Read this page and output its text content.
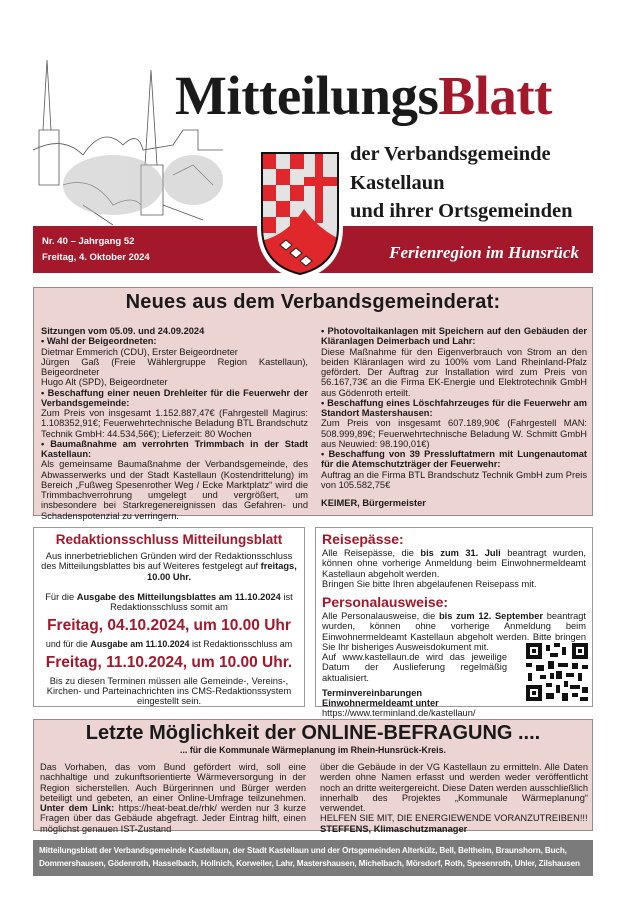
MitteilungsBlatt
der Verbandsgemeinde
Kastellaun
und ihrer Ortsgemeinden
Nr. 40 – Jahrgang 52
Freitag, 4. Oktober 2024	Ferienregion im Hunsrück
Neues aus dem Verbandsgemeinderat:
Sitzungen vom 05.09. und 24.09.2024
• Wahl der Beigeordneten:
Dietmar Emmerich (CDU), Erster Beigeordneter
Jürgen Gaß (Freie Wählergruppe Region Kastellaun), Beigeordneter
Hugo Alt (SPD), Beigeordneter
• Beschaffung einer neuen Drehleiter für die Feuerwehr der Verbandsgemeinde:
Zum Preis von insgesamt 1.152.887,47€ (Fahrgestell Magirus: 1.108352,91€; Feuerwehrtechnische Beladung BTL Brandschutz Technik GmbH: 44.534,56€); Lieferzeit: 80 Wochen
• Baumaßnahme am verrohrten Trimmbach in der Stadt Kastellaun:
Als gemeinsame Baumaßnahme der Verbandsgemeinde, des Abwasserwerks und der Stadt Kastellaun (Kostendrittelung) im Bereich „Fußweg Spesenrother Weg / Ecke Marktplatz“ wird die Trimmbachverrohrung umgelegt und vergrößert, um insbesondere bei Starkregenereignissen das Gefahren- und Schadenspotenzial zu verringern.
• Photovoltaikanlagen mit Speichern auf den Gebäuden der Kläranlagen Deimerbach und Lahr:
Diese Maßnahme für den Eigenverbrauch von Strom an den beiden Kläranlagen wird zu 100% vom Land Rheinland-Pfalz gefördert. Der Auftrag zur Installation wird zum Preis von 56.167,73€ an die Firma EK-Energie und Elektrotechnik GmbH aus Gödenroth erteilt.
• Beschaffung eines Löschfahrzeuges für die Feuerwehr am Standort Mastershausen:
Zum Preis von insgesamt 607.189,90€ (Fahrgestell MAN: 508.999,89€; Feuerwehrtechnische Beladung W. Schmitt GmbH aus Neuwied: 98.190,01€)
• Beschaffung von 39 Pressluftatmern mit Lungenautomat für die Atemschutzträger der Feuerwehr:
Auftrag an die Firma BTL Brandschutz Technik GmbH zum Preis von 105.582,75€
KEIMER, Bürgermeister
Redaktionsschluss Mitteilungsblatt

Aus innerbetrieblichen Gründen wird der Redaktionsschluss des Mitteilungsblattes bis auf Weiteres festgelegt auf freitags, 10.00 Uhr.

Für die Ausgabe des Mitteilungsblattes am 11.10.2024 ist Redaktionsschluss somit am

Freitag, 04.10.2024, um 10.00 Uhr

und für die Ausgabe am 11.10.2024 ist Redaktionsschluss am

Freitag, 11.10.2024, um 10.00 Uhr.

Bis zu diesen Terminen müssen alle Gemeinde-, Vereins-, Kirchen- und Parteinachrichten ins CMS-Redaktionssystem eingestellt sein.

Reisepässe:

Alle Reisepässe, die bis zum 31. Juli beantragt wurden, können ohne vorherige Anmeldung beim Einwohnermeldeamt Kastellaun abgeholt werden.

Bringen Sie bitte Ihren abgelaufenen Reisepass mit.

Personalausweise:

Alle Personalausweise, die bis zum 12. September beantragt wurden, können ohne vorherige Anmeldung beim Einwohnermeldeamt Kastellaun abgeholt werden. Bitte bringen Sie Ihr bisheriges Ausweisdokument mit.

Auf www.kastellaun.de wird das jeweilige Datum der Auslieferung regelmäßig aktualisiert.

Terminvereinbarungen

Einwohnermeldeamt unter

https://www.terminland.de/kastellaun/

Letzte Möglichkeit der ONLINE-BEFRAGUNG ....
... für die Kommunale Wärmeplanung im Rhein-Hunsrück-Kreis.

Das Vorhaben, das vom Bund gefördert wird, soll eine nachhaltige und zukunftsorientierte Wärmeversorgung in der Region sicherstellen. Auch Bürgerinnen und Bürger werden beteiligt und gebeten, an einer Online-Umfrage teilzunehmen. Unter dem Link: https://heat-beat.de/rhk/ werden nur 3 kurze Fragen über das Gebäude abgefragt. Jeder Eintrag hilft, einen möglichst genauen IST-Zustand

über die Gebäude in der VG Kastellaun zu ermitteln. Alle Daten werden ohne Namen erfasst und werden weder veröffentlicht noch an dritte weitergereicht. Diese Daten werden ausschließlich innerhalb des Projektes „Kommunale Wärmeplanung“ verwendet.

HELFEN SIE MIT, DIE ENERGIEWENDE VORANZUTREIBEN!!!

STEFFENS, Klimaschutzmanager

Mitteilungsblatt der Verbandsgemeinde Kastellaun, der Stadt Kastellaun und der Ortsgemeinden Alterkülz, Bell, Beltheim, Braunshorn, Buch, Dommershausen, Gödenroth, Hasselbach, Hollnich, Korweiler, Lahr, Mastershausen, Michelbach, Mörsdorf, Roth, Spesenroth, Uhler, Zilshausen
